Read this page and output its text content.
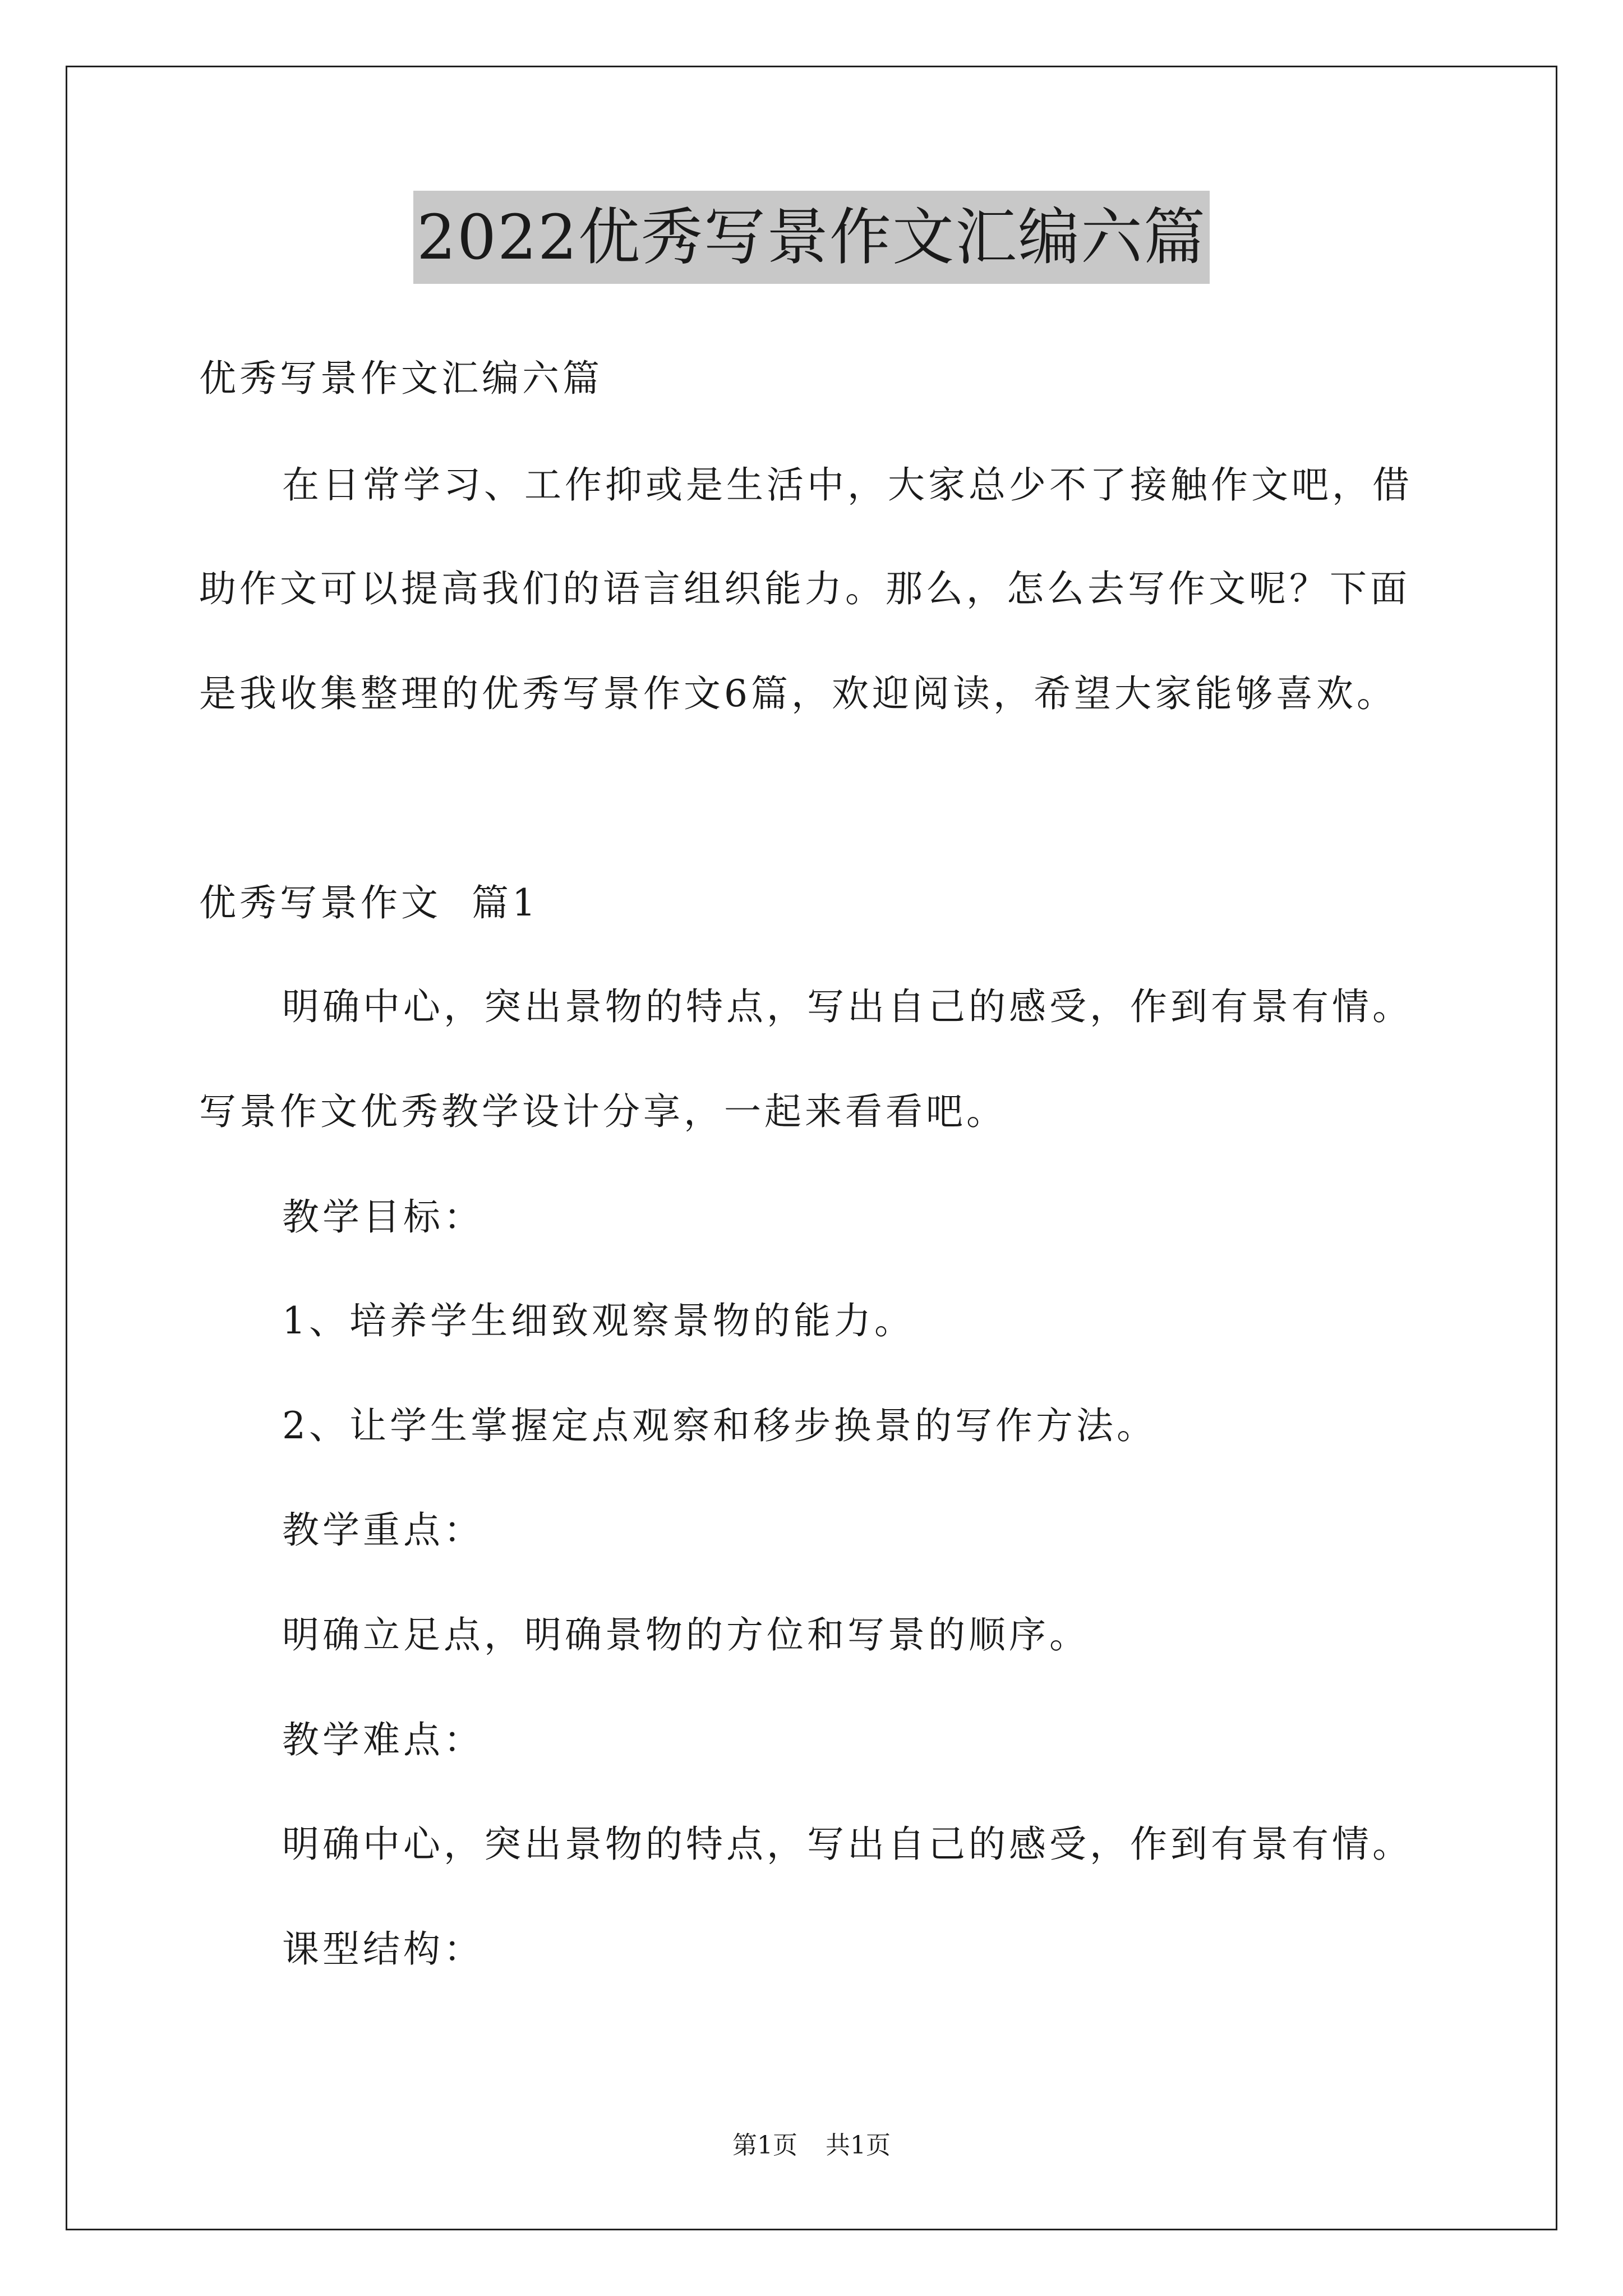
2022优秀写景作文汇编六篇
优秀写景作文汇编六篇
在日常学习、工作抑或是生活中，大家总少不了接触作文吧，借
助作文可以提高我们的语言组织能力。那么，怎么去写作文呢？下面
是我收集整理的优秀写景作文6篇，欢迎阅读，希望大家能够喜欢。
优秀写景作文  篇1
明确中心，突出景物的特点，写出自己的感受，作到有景有情。
写景作文优秀教学设计分享，一起来看看吧。
教学目标：
1、培养学生细致观察景物的能力。
2、让学生掌握定点观察和移步换景的写作方法。
教学重点：
明确立足点，明确景物的方位和写景的顺序。
教学难点：
明确中心，突出景物的特点，写出自己的感受，作到有景有情。
课型结构：
第1页 共1页
